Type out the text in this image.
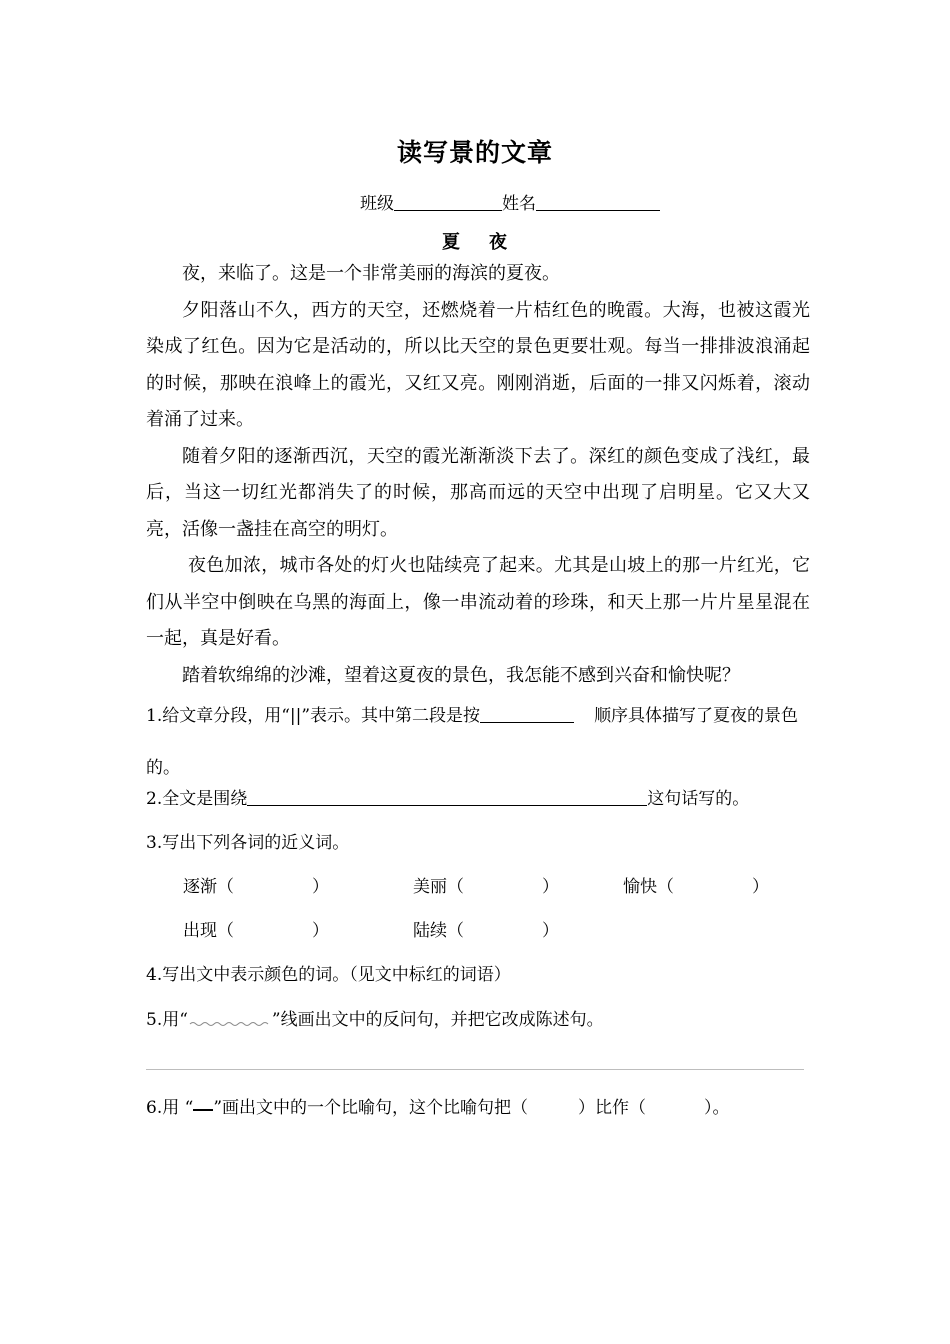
读写景的文章
班级	姓名
夏 夜

夜，来临了。这是一个非常美丽的海滨的夏夜。

夕阳落山不久，西方的天空，还燃烧着一片桔红色的晚霞。大海，也被这霞光染成了红色。因为它是活动的，所以比天空的景色更要壮观。每当一排排波浪涌起的时候，那映在浪峰上的霞光，又红又亮。刚刚消逝，后面的一排又闪烁着，滚动着涌了过来。

随着夕阳的逐渐西沉，天空的霞光渐渐淡下去了。深红的颜色变成了浅红，最后，当这一切红光都消失了的时候，那高而远的天空中出现了启明星。它又大又亮，活像一盏挂在高空的明灯。

夜色加浓，城市各处的灯火也陆续亮了起来。尤其是山坡上的那一片红光，它们从半空中倒映在乌黑的海面上，像一串流动着的珍珠，和天上那一片片星星混在一起，真是好看。

踏着软绵绵的沙滩，望着这夏夜的景色，我怎能不感到兴奋和愉快呢？

1.给文章分段，用“||”表示。其中第二段是按	顺序具体描写了夏夜的景色的。
2.全文是围绕	这句话写的。
3.写出下列各词的近义词。
逐渐（	）	美丽（	）	愉快（	）
出现（	）	陆续（	）
4.写出文中表示颜色的词。（见文中标红的词语）
5.用“	”线画出文中的反问句，并把它改成陈述句。
6.用 “ ”画出文中的一个比喻句，这个比喻句把（	）比作（	）。
